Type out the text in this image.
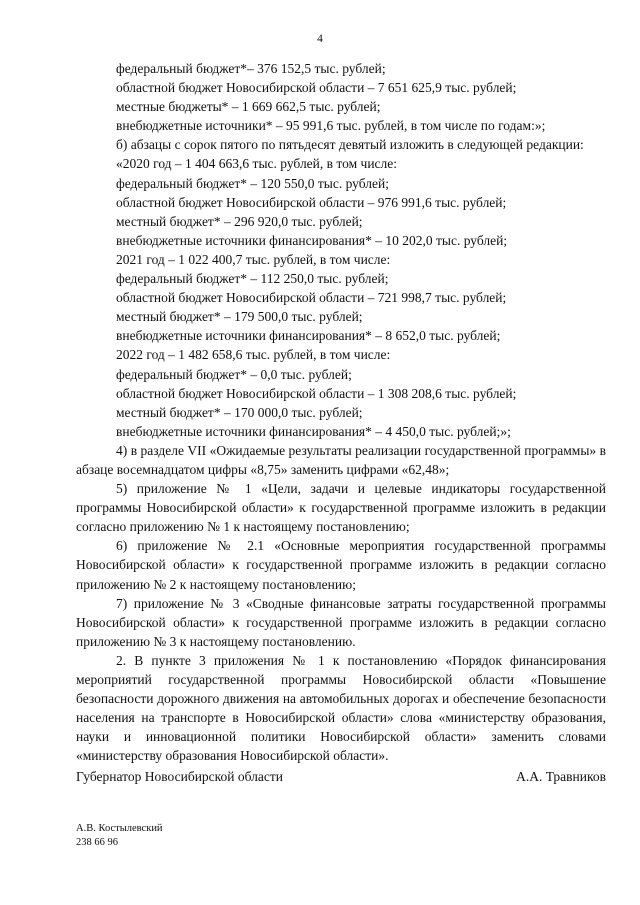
4
федеральный бюджет*– 376 152,5 тыс. рублей;
областной бюджет Новосибирской области – 7 651 625,9 тыс. рублей;
местные бюджеты* – 1 669 662,5 тыс. рублей;
внебюджетные источники* – 95 991,6 тыс. рублей, в том числе по годам:»;
б) абзацы с сорок пятого по пятьдесят девятый изложить в следующей редакции:
«2020 год – 1 404 663,6 тыс. рублей, в том числе:
федеральный бюджет* – 120 550,0 тыс. рублей;
областной бюджет Новосибирской области – 976 991,6 тыс. рублей;
местный бюджет* – 296 920,0 тыс. рублей;
внебюджетные источники финансирования* – 10 202,0 тыс. рублей;
2021 год – 1 022 400,7 тыс. рублей, в том числе:
федеральный бюджет* – 112 250,0 тыс. рублей;
областной бюджет Новосибирской области – 721 998,7 тыс. рублей;
местный бюджет* – 179 500,0 тыс. рублей;
внебюджетные источники финансирования* – 8 652,0 тыс. рублей;
2022 год – 1 482 658,6 тыс. рублей, в том числе:
федеральный бюджет* – 0,0 тыс. рублей;
областной бюджет Новосибирской области – 1 308 208,6 тыс. рублей;
местный бюджет* – 170 000,0 тыс. рублей;
внебюджетные источники финансирования* – 4 450,0 тыс. рублей;»;
4) в разделе VII «Ожидаемые результаты реализации государственной программы» в абзаце восемнадцатом цифры «8,75» заменить цифрами «62,48»;
5) приложение № 1 «Цели, задачи и целевые индикаторы государственной программы Новосибирской области» к государственной программе изложить в редакции согласно приложению № 1 к настоящему постановлению;
6) приложение № 2.1 «Основные мероприятия государственной программы Новосибирской области» к государственной программе изложить в редакции согласно приложению № 2 к настоящему постановлению;
7) приложение № 3 «Сводные финансовые затраты государственной программы Новосибирской области» к государственной программе изложить в редакции согласно приложению № 3 к настоящему постановлению.
2. В пункте 3 приложения № 1 к постановлению «Порядок финансирования мероприятий государственной программы Новосибирской области «Повышение безопасности дорожного движения на автомобильных дорогах и обеспечение безопасности населения на транспорте в Новосибирской области» слова «министерству образования, науки и инновационной политики Новосибирской области» заменить словами «министерству образования Новосибирской области».
Губернатор Новосибирской области	А.А. Травников
А.В. Костылевский
238 66 96
